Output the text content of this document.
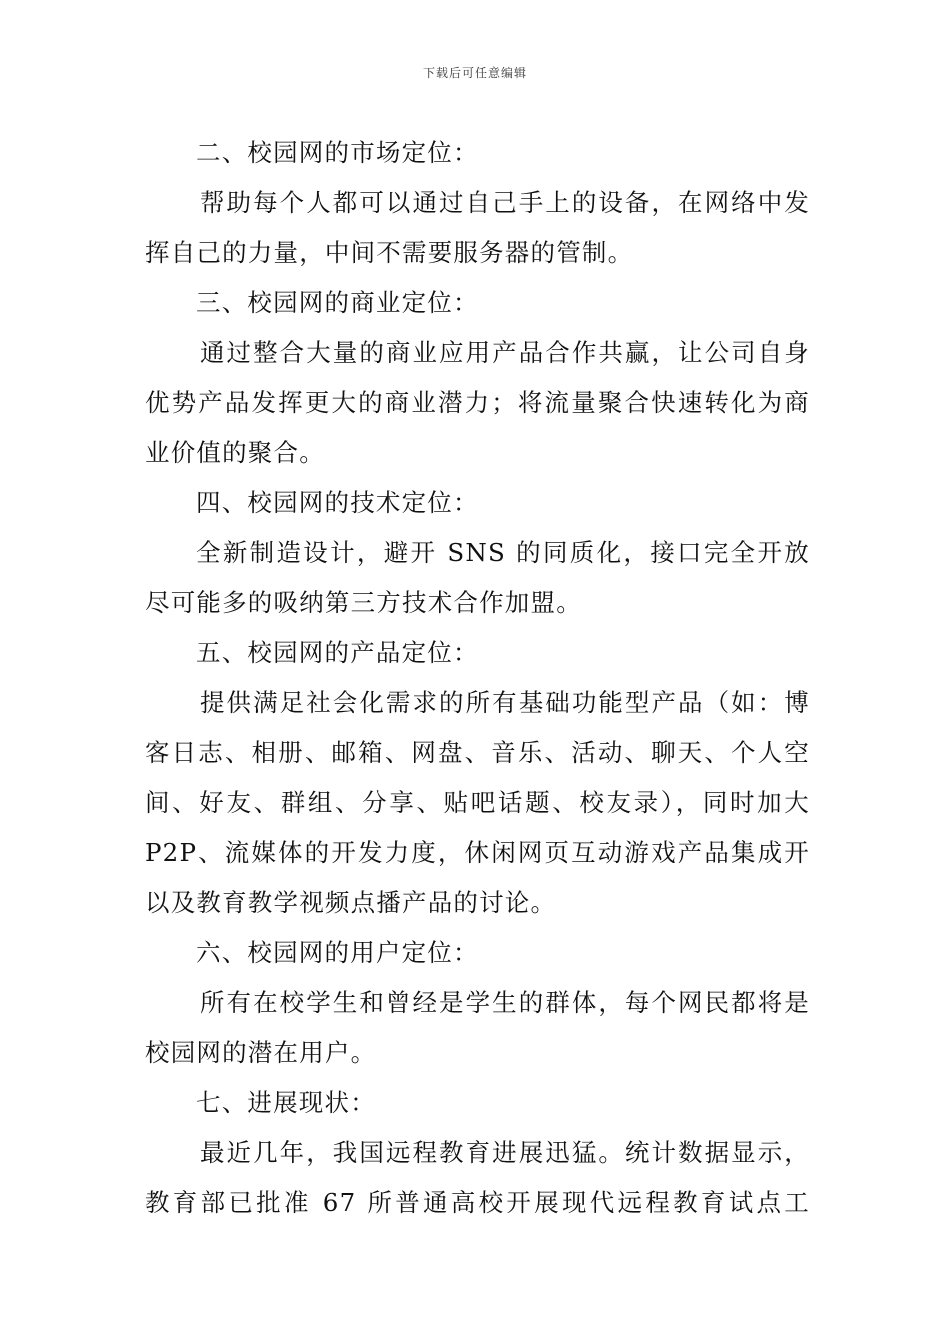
下载后可任意编辑
二、校园网的市场定位：
帮助每个人都可以通过自己手上的设备，在网络中发
挥自己的力量，中间不需要服务器的管制。
三、校园网的商业定位：
通过整合大量的商业应用产品合作共赢，让公司自身
优势产品发挥更大的商业潜力；将流量聚合快速转化为商
业价值的聚合。
四、校园网的技术定位：
全新制造设计，避开 SNS 的同质化，接口完全开放
尽可能多的吸纳第三方技术合作加盟。
五、校园网的产品定位：
提供满足社会化需求的所有基础功能型产品（如：博
客日志、相册、邮箱、网盘、音乐、活动、聊天、个人空
间、好友、群组、分享、贴吧话题、校友录），同时加大
P2P、流媒体的开发力度，休闲网页互动游戏产品集成开
以及教育教学视频点播产品的讨论。
六、校园网的用户定位：
所有在校学生和曾经是学生的群体，每个网民都将是
校园网的潜在用户。
七、进展现状：
最近几年，我国远程教育进展迅猛。统计数据显示，
教育部已批准 67 所普通高校开展现代远程教育试点工
